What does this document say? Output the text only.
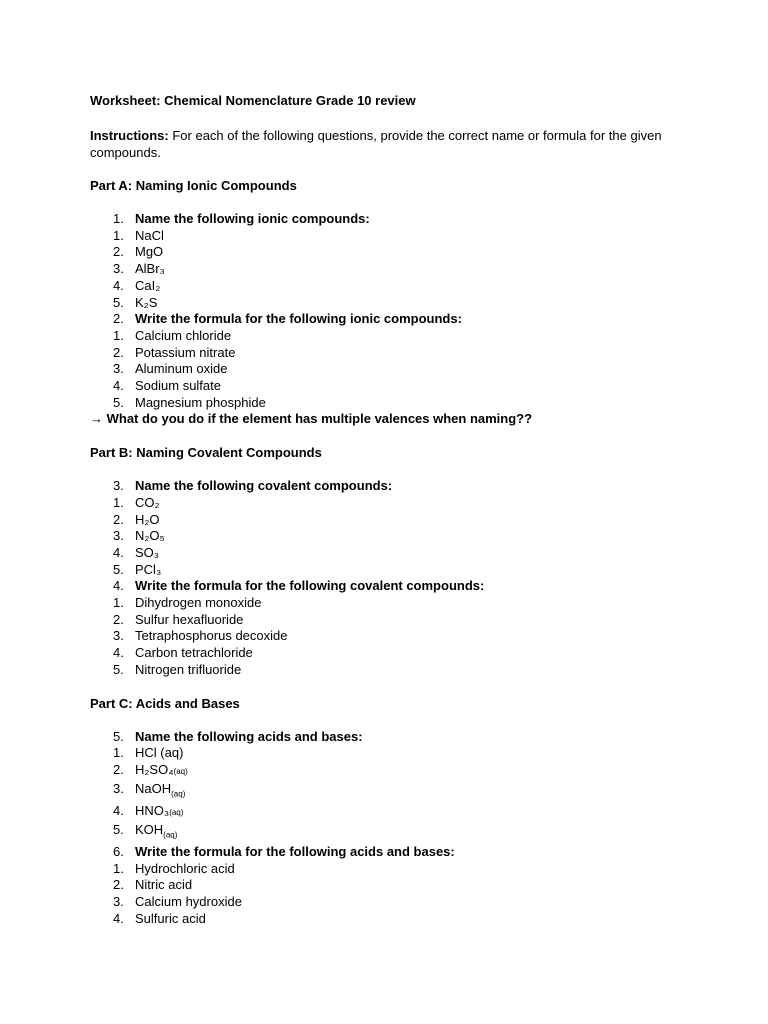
Worksheet: Chemical Nomenclature Grade 10 review
Instructions: For each of the following questions, provide the correct name or formula for the given compounds.
Part A: Naming Ionic Compounds
1. Name the following ionic compounds:
1. NaCl
2. MgO
3. AlBr₃
4. CaI₂
5. K₂S
2. Write the formula for the following ionic compounds:
1. Calcium chloride
2. Potassium nitrate
3. Aluminum oxide
4. Sodium sulfate
5. Magnesium phosphide
→ What do you do if the element has multiple valences when naming??
Part B: Naming Covalent Compounds
3. Name the following covalent compounds:
1. CO₂
2. H₂O
3. N₂O₅
4. SO₃
5. PCl₃
4. Write the formula for the following covalent compounds:
1. Dihydrogen monoxide
2. Sulfur hexafluoride
3. Tetraphosphorus decoxide
4. Carbon tetrachloride
5. Nitrogen trifluoride
Part C: Acids and Bases
5. Name the following acids and bases:
1. HCl (aq)
2. H₂SO₄(aq)
3. NaOH$_{(aq)}$
4. HNO₃(aq)
5. $KOH_{(aq)}$
6. Write the formula for the following acids and bases:
1. Hydrochloric acid
2. Nitric acid
3. Calcium hydroxide
4. Sulfuric acid
